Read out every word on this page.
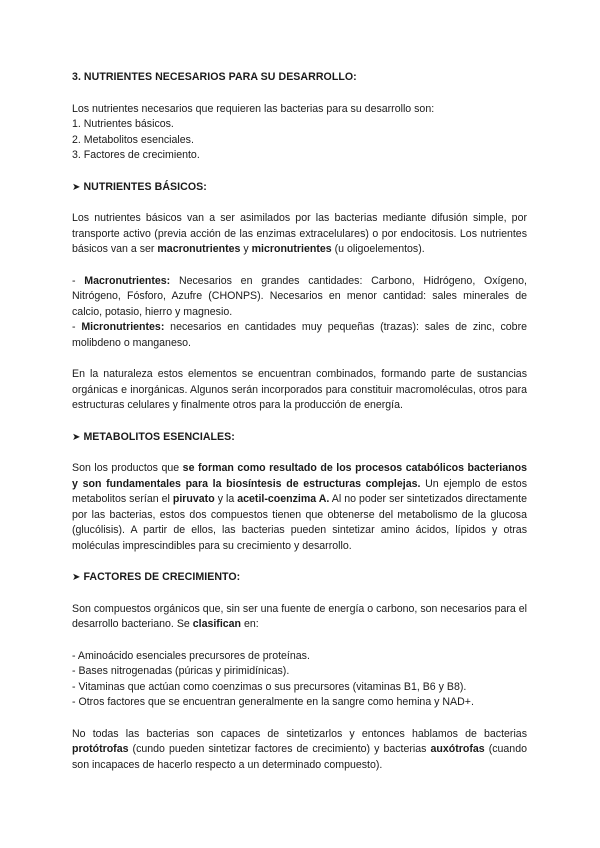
3. NUTRIENTES NECESARIOS PARA SU DESARROLLO:

Los nutrientes necesarios que requieren las bacterias para su desarrollo son:

1. Nutrientes básicos.

2. Metabolitos esenciales.

3. Factores de crecimiento.

➤ NUTRIENTES BÁSICOS:

Los nutrientes básicos van a ser asimilados por las bacterias mediante difusión simple, por transporte activo (previa acción de las enzimas extracelulares) o por endocitosis. Los nutrientes básicos van a ser macronutrientes y micronutrientes (u oligoelementos).

- Macronutrientes: Necesarios en grandes cantidades: Carbono, Hidrógeno, Oxígeno, Nitrógeno, Fósforo, Azufre (CHONPS). Necesarios en menor cantidad: sales minerales de calcio, potasio, hierro y magnesio.

- Micronutrientes: necesarios en cantidades muy pequeñas (trazas): sales de zinc, cobre molibdeno o manganeso.

En la naturaleza estos elementos se encuentran combinados, formando parte de sustancias orgánicas e inorgánicas. Algunos serán incorporados para constituir macromoléculas, otros para estructuras celulares y finalmente otros para la producción de energía.

➤ METABOLITOS ESENCIALES:

Son los productos que se forman como resultado de los procesos catabólicos bacterianos y son fundamentales para la biosíntesis de estructuras complejas. Un ejemplo de estos metabolitos serían el piruvato y la acetil-coenzima A. Al no poder ser sintetizados directamente por las bacterias, estos dos compuestos tienen que obtenerse del metabolismo de la glucosa (glucólisis). A partir de ellos, las bacterias pueden sintetizar amino ácidos, lípidos y otras moléculas imprescindibles para su crecimiento y desarrollo.

➤ FACTORES DE CRECIMIENTO:

Son compuestos orgánicos que, sin ser una fuente de energía o carbono, son necesarios para el desarrollo bacteriano. Se clasifican en:

- Aminoácido esenciales precursores de proteínas.

- Bases nitrogenadas (púricas y pirimidínicas).

- Vitaminas que actúan como coenzimas o sus precursores (vitaminas B1, B6 y B8).

- Otros factores que se encuentran generalmente en la sangre como hemina y NAD+.

No todas las bacterias son capaces de sintetizarlos y entonces hablamos de bacterias protótrofas (cundo pueden sintetizar factores de crecimiento) y bacterias auxótrofas (cuando son incapaces de hacerlo respecto a un determinado compuesto).
